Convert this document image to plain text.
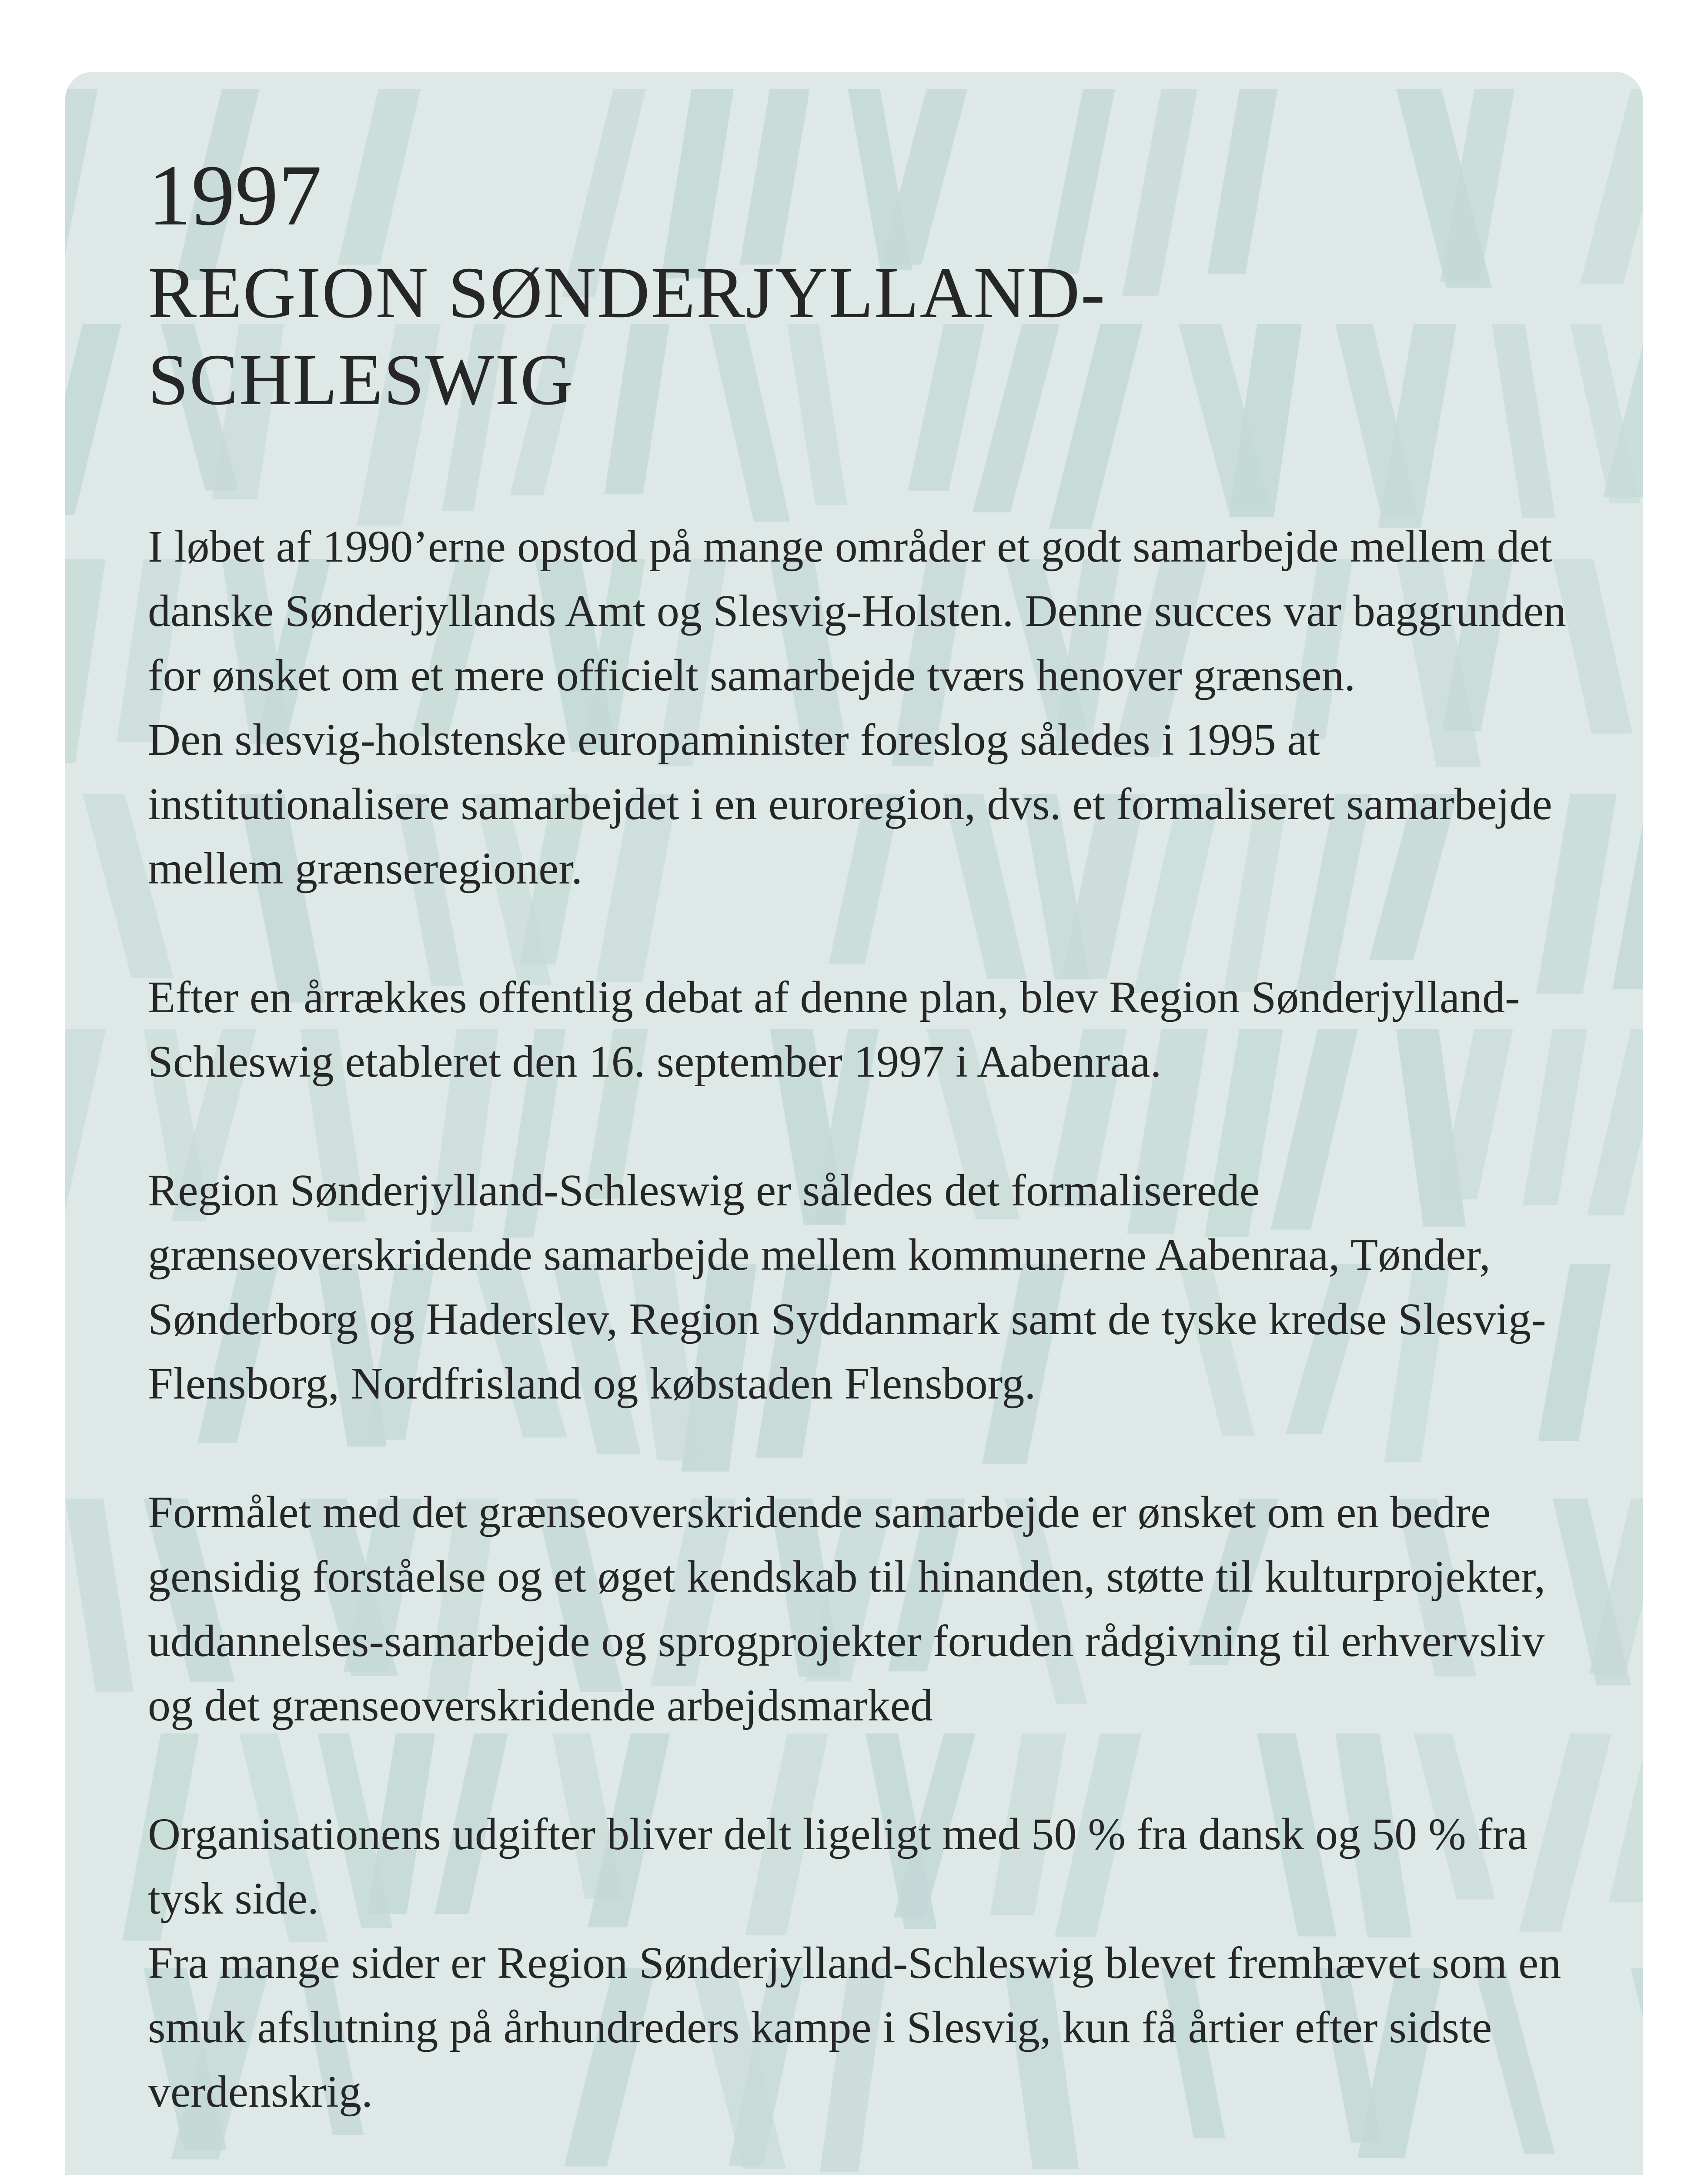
1997
REGION SØNDERJYLLAND-
SCHLESWIG

I løbet af 1990’erne opstod på mange områder et godt samarbejde mellem det danske Sønderjyllands Amt og Slesvig-Holsten. Denne succes var baggrunden for ønsket om et mere officielt samarbejde tværs henover grænsen.

Den slesvig-holstenske europaminister foreslog således i 1995 at institutionalisere samarbejdet i en euroregion, dvs. et formaliseret samarbejde mellem grænseregioner.

Efter en årrækkes offentlig debat af denne plan, blev Region Sønderjylland-Schleswig etableret den 16. september 1997 i Aabenraa.

Region Sønderjylland-Schleswig er således det formaliserede grænseoverskridende samarbejde mellem kommunerne Aabenraa, Tønder, Sønderborg og Haderslev, Region Syddanmark samt de tyske kredse Slesvig-Flensborg, Nordfrisland og købstaden Flensborg.

Formålet med det grænseoverskridende samarbejde er ønsket om en bedre gensidig forståelse og et øget kendskab til hinanden, støtte til kulturprojekter, uddannelses-samarbejde og sprogprojekter foruden rådgivning til erhvervsliv og det grænseoverskridende arbejdsmarked

Organisationens udgifter bliver delt ligeligt med 50 % fra dansk og 50 % fra tysk side.

Fra mange sider er Region Sønderjylland-Schleswig blevet fremhævet som en smuk afslutning på århundreders kampe i Slesvig, kun få årtier efter sidste verdenskrig.
